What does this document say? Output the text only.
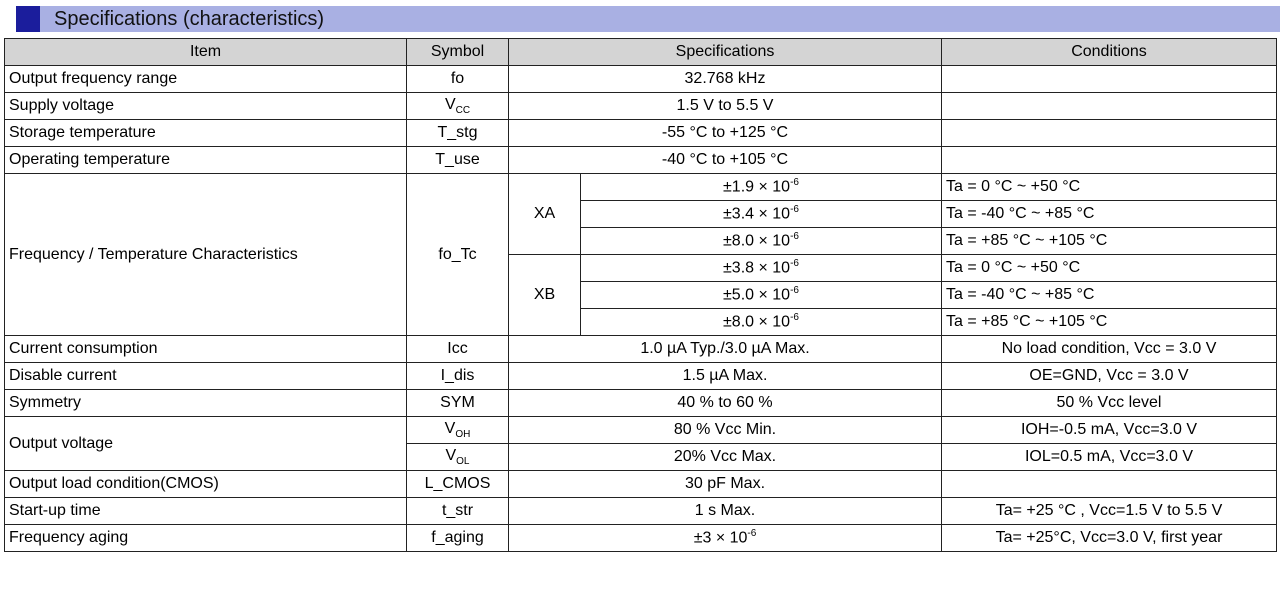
Specifications (characteristics)
Item	Symbol	Specifications		Conditions
Output frequency range	fo	32.768 kHz		
Supply voltage	$V_{CC}$	1.5 V to 5.5 V		
Storage temperature	T_stg	-55 °C to +125 °C		
Operating temperature	T_use	-40 °C to +105 °C		
Frequency / Temperature Characteristics	fo_Tc	XA	$\pm 1.9 \times 10^{-6}$	Ta = 0 °C ~ +50 °C
			$\pm 3.4 \times 10^{-6}$	Ta = -40 °C ~ +85 °C
			$\pm 8.0 \times 10^{-6}$	Ta = +85 °C ~ +105 °C
		XB	$\pm 3.8 \times 10^{-6}$	Ta = 0 °C ~ +50 °C
			$\pm 5.0 \times 10^{-6}$	Ta = -40 °C ~ +85 °C
			$\pm 8.0 \times 10^{-6}$	Ta = +85 °C ~ +105 °C
Current consumption	Icc	1.0 µA Typ./3.0 µA Max.		No load condition, Vcc = 3.0 V
Disable current	I_dis	1.5 µA Max.		OE=GND, Vcc = 3.0 V
Symmetry	SYM	40 % to 60 %		50 % Vcc level
Output voltage	$V_{OH}$	80 % Vcc Min.		IOH=-0.5 mA, Vcc=3.0 V
	$V_{OL}$	20% Vcc Max.		IOL=0.5 mA, Vcc=3.0 V
Output load condition(CMOS)	L_CMOS	30 pF Max.		
Start-up time	t_str	1 s Max.		Ta= +25 °C , Vcc=1.5 V to 5.5 V
Frequency aging	f_aging	$\pm 3 \times 10^{-6}$		Ta= +25°C, Vcc=3.0 V, first year
